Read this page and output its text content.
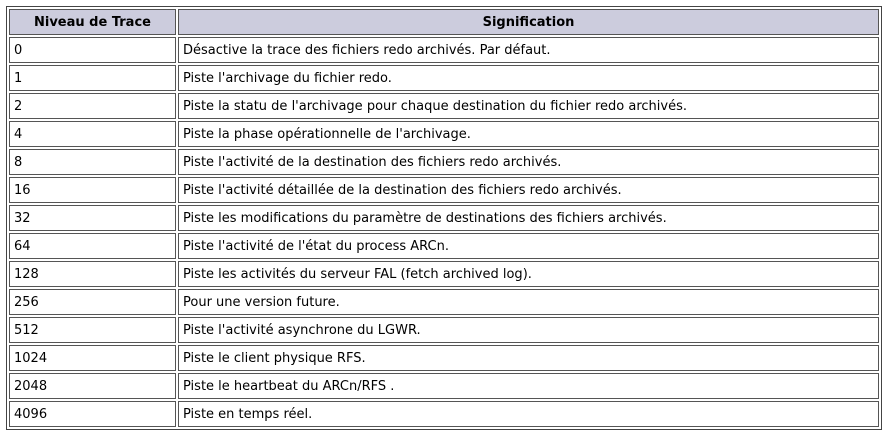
Niveau de Trace	Signification
0	Désactive la trace des fichiers redo archivés. Par défaut.
1	Piste l'archivage du fichier redo.
2	Piste la statu de l'archivage pour chaque destination du fichier redo archivés.
4	Piste la phase opérationnelle de l'archivage.
8	Piste l'activité de la destination des fichiers redo archivés.
16	Piste l'activité détaillée de la destination des fichiers redo archivés.
32	Piste les modifications du paramètre de destinations des fichiers archivés.
64	Piste l'activité de l'état du process ARCn.
128	Piste les activités du serveur FAL (fetch archived log).
256	Pour une version future.
512	Piste l'activité asynchrone du LGWR.
1024	Piste le client physique RFS.
2048	Piste le heartbeat du ARCn/RFS .
4096	Piste en temps réel.
